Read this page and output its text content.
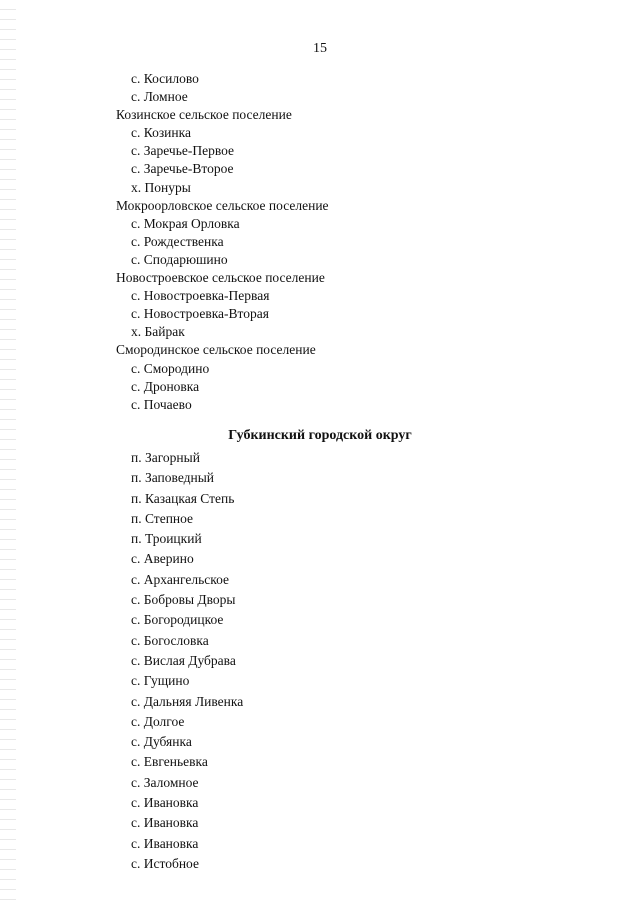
15
с. Косилово
с. Ломное
Козинское сельское поселение
с. Козинка
с. Заречье-Первое
с. Заречье-Второе
х. Понуры
Мокроорловское сельское поселение
с. Мокрая Орловка
с. Рождественка
с. Сподарюшино
Новостроевское сельское поселение
с. Новостроевка-Первая
с. Новостроевка-Вторая
х. Байрак
Смородинское сельское поселение
с. Смородино
с. Дроновка
с. Почаево
Губкинский городской округ
п. Загорный
п. Заповедный
п. Казацкая Степь
п. Степное
п. Троицкий
с. Аверино
с. Архангельское
с. Бобровы Дворы
с. Богородицкое
с. Богословка
с. Вислая Дубрава
с. Гущино
с. Дальняя Ливенка
с. Долгое
с. Дубянка
с. Евгеньевка
с. Заломное
с. Ивановка
с. Ивановка
с. Ивановка
с. Истобное
